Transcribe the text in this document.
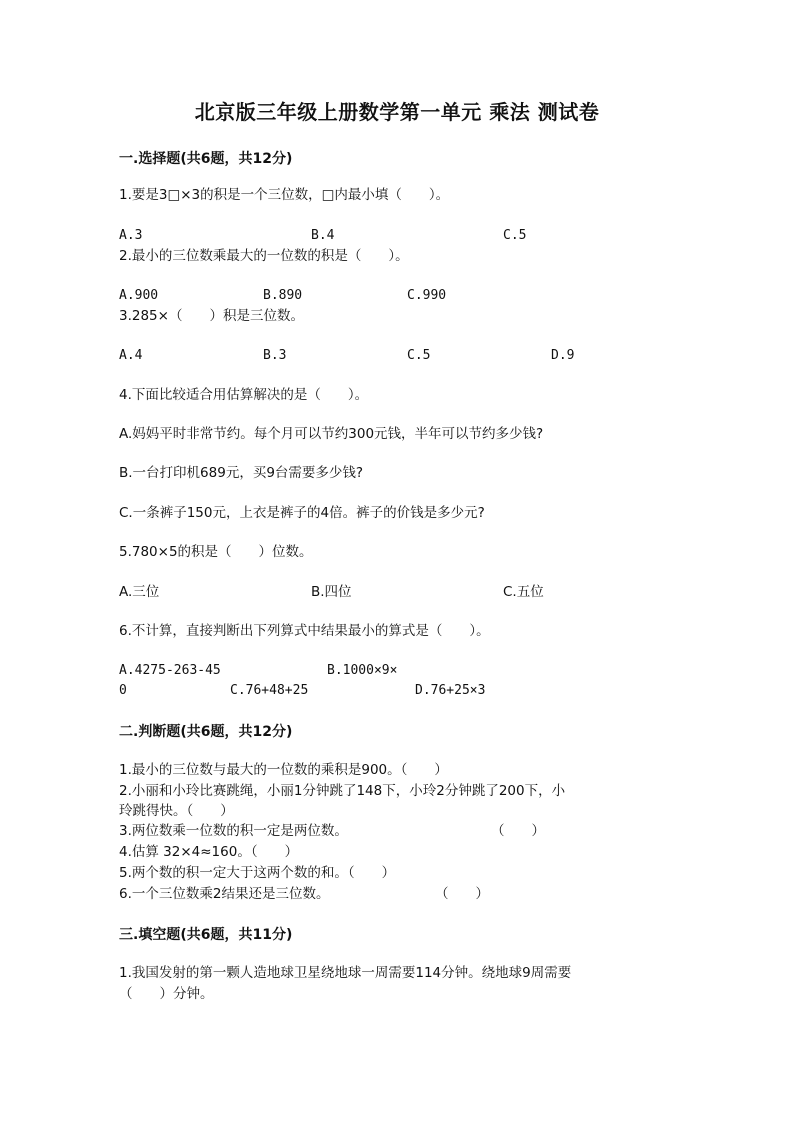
北京版三年级上册数学第一单元 乘法 测试卷
一.选择题(共6题，共12分)
1.要是3□×3的积是一个三位数，□内最小填（　　）。
A.3	B.4	C.5
2.最小的三位数乘最大的一位数的积是（　　）。
A.900	B.890	C.990
3.285×（　　）积是三位数。
A.4	B.3	C.5	D.9
4.下面比较适合用估算解决的是（　　）。
A.妈妈平时非常节约。每个月可以节约300元钱，半年可以节约多少钱?
B.一台打印机689元，买9台需要多少钱?
C.一条裤子150元，上衣是裤子的4倍。裤子的价钱是多少元?
5.780×5的积是（　　）位数。
A.三位	B.四位	C.五位
6.不计算，直接判断出下列算式中结果最小的算式是（　　）。
A.4275-263-45	B.1000×9×
0	C.76+48+25	D.76+25×3
二.判断题(共6题，共12分)
1.最小的三位数与最大的一位数的乘积是900。（　　）
2.小丽和小玲比赛跳绳，小丽1分钟跳了148下，小玲2分钟跳了200下，小
玲跳得快。（　　）
3.两位数乘一位数的积一定是两位数。	（　　）
4.估算 32×4≈160。（　　）
5.两个数的积一定大于这两个数的和。（　　）
6.一个三位数乘2结果还是三位数。	（　　）
三.填空题(共6题，共11分)
1.我国发射的第一颗人造地球卫星绕地球一周需要114分钟。绕地球9周需要
（　　）分钟。
